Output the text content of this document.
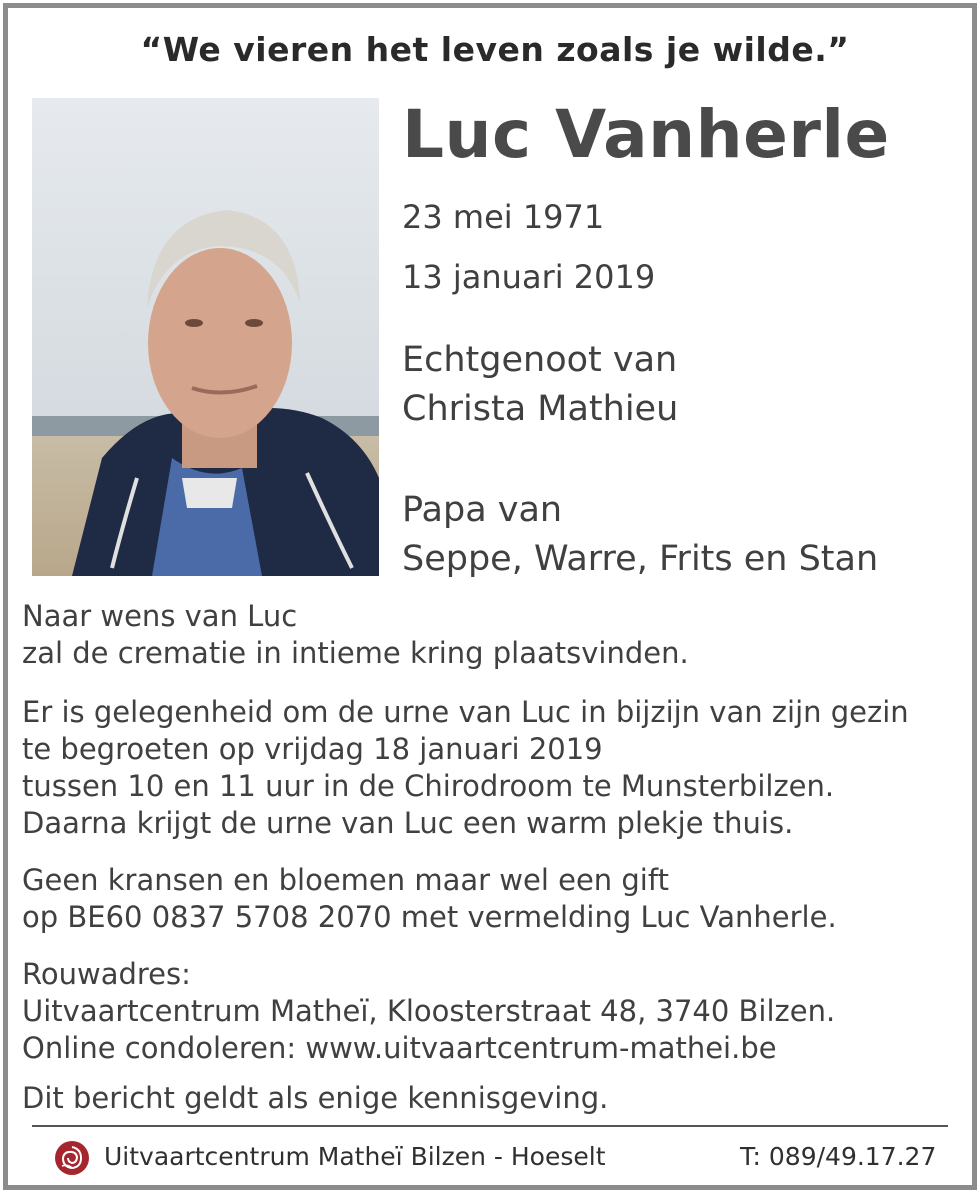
“We vieren het leven zoals je wilde.”
Luc Vanherle
23 mei 1971
13 januari 2019
Echtgenoot van
Christa Mathieu
Papa van
Seppe, Warre, Frits en Stan
Naar wens van Luc
zal de crematie in intieme kring plaatsvinden.
Er is gelegenheid om de urne van Luc in bijzijn van zijn gezin
te begroeten op vrijdag 18 januari 2019
tussen 10 en 11 uur in de Chirodroom te Munsterbilzen.
Daarna krijgt de urne van Luc een warm plekje thuis.
Geen kransen en bloemen maar wel een gift
op BE60 0837 5708 2070 met vermelding Luc Vanherle.
Rouwadres:
Uitvaartcentrum Matheï, Kloosterstraat 48, 3740 Bilzen.
Online condoleren: www.uitvaartcentrum-mathei.be
Dit bericht geldt als enige kennisgeving.
Uitvaartcentrum Matheï Bilzen - Hoeselt	T: 089/49.17.27
